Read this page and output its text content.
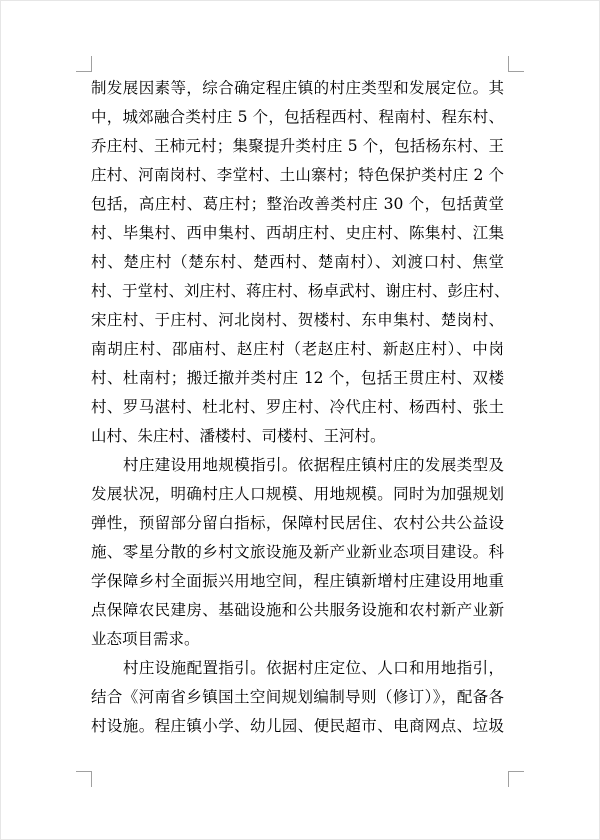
制发展因素等，综合确定程庄镇的村庄类型和发展定位。其
中，城郊融合类村庄 5 个，包括程西村、程南村、程东村、
乔庄村、王柿元村；集聚提升类村庄 5 个，包括杨东村、王
庄村、河南岗村、李堂村、土山寨村；特色保护类村庄 2 个
包括，高庄村、葛庄村；整治改善类村庄 30 个，包括黄堂
村、毕集村、西申集村、西胡庄村、史庄村、陈集村、江集
村、楚庄村（楚东村、楚西村、楚南村）、刘渡口村、焦堂
村、于堂村、刘庄村、蒋庄村、杨卓武村、谢庄村、彭庄村、
宋庄村、于庄村、河北岗村、贺楼村、东申集村、楚岗村、
南胡庄村、邵庙村、赵庄村（老赵庄村、新赵庄村）、中岗
村、杜南村；搬迁撤并类村庄 12 个，包括王贯庄村、双楼
村、罗马湛村、杜北村、罗庄村、冷代庄村、杨西村、张土
山村、朱庄村、潘楼村、司楼村、王河村。
村庄建设用地规模指引。依据程庄镇村庄的发展类型及
发展状况，明确村庄人口规模、用地规模。同时为加强规划
弹性，预留部分留白指标，保障村民居住、农村公共公益设
施、零星分散的乡村文旅设施及新产业新业态项目建设。科
学保障乡村全面振兴用地空间，程庄镇新增村庄建设用地重
点保障农民建房、基础设施和公共服务设施和农村新产业新
业态项目需求。
村庄设施配置指引。依据村庄定位、人口和用地指引，
结合《河南省乡镇国土空间规划编制导则（修订）》，配备各
村设施。程庄镇小学、幼儿园、便民超市、电商网点、垃圾
